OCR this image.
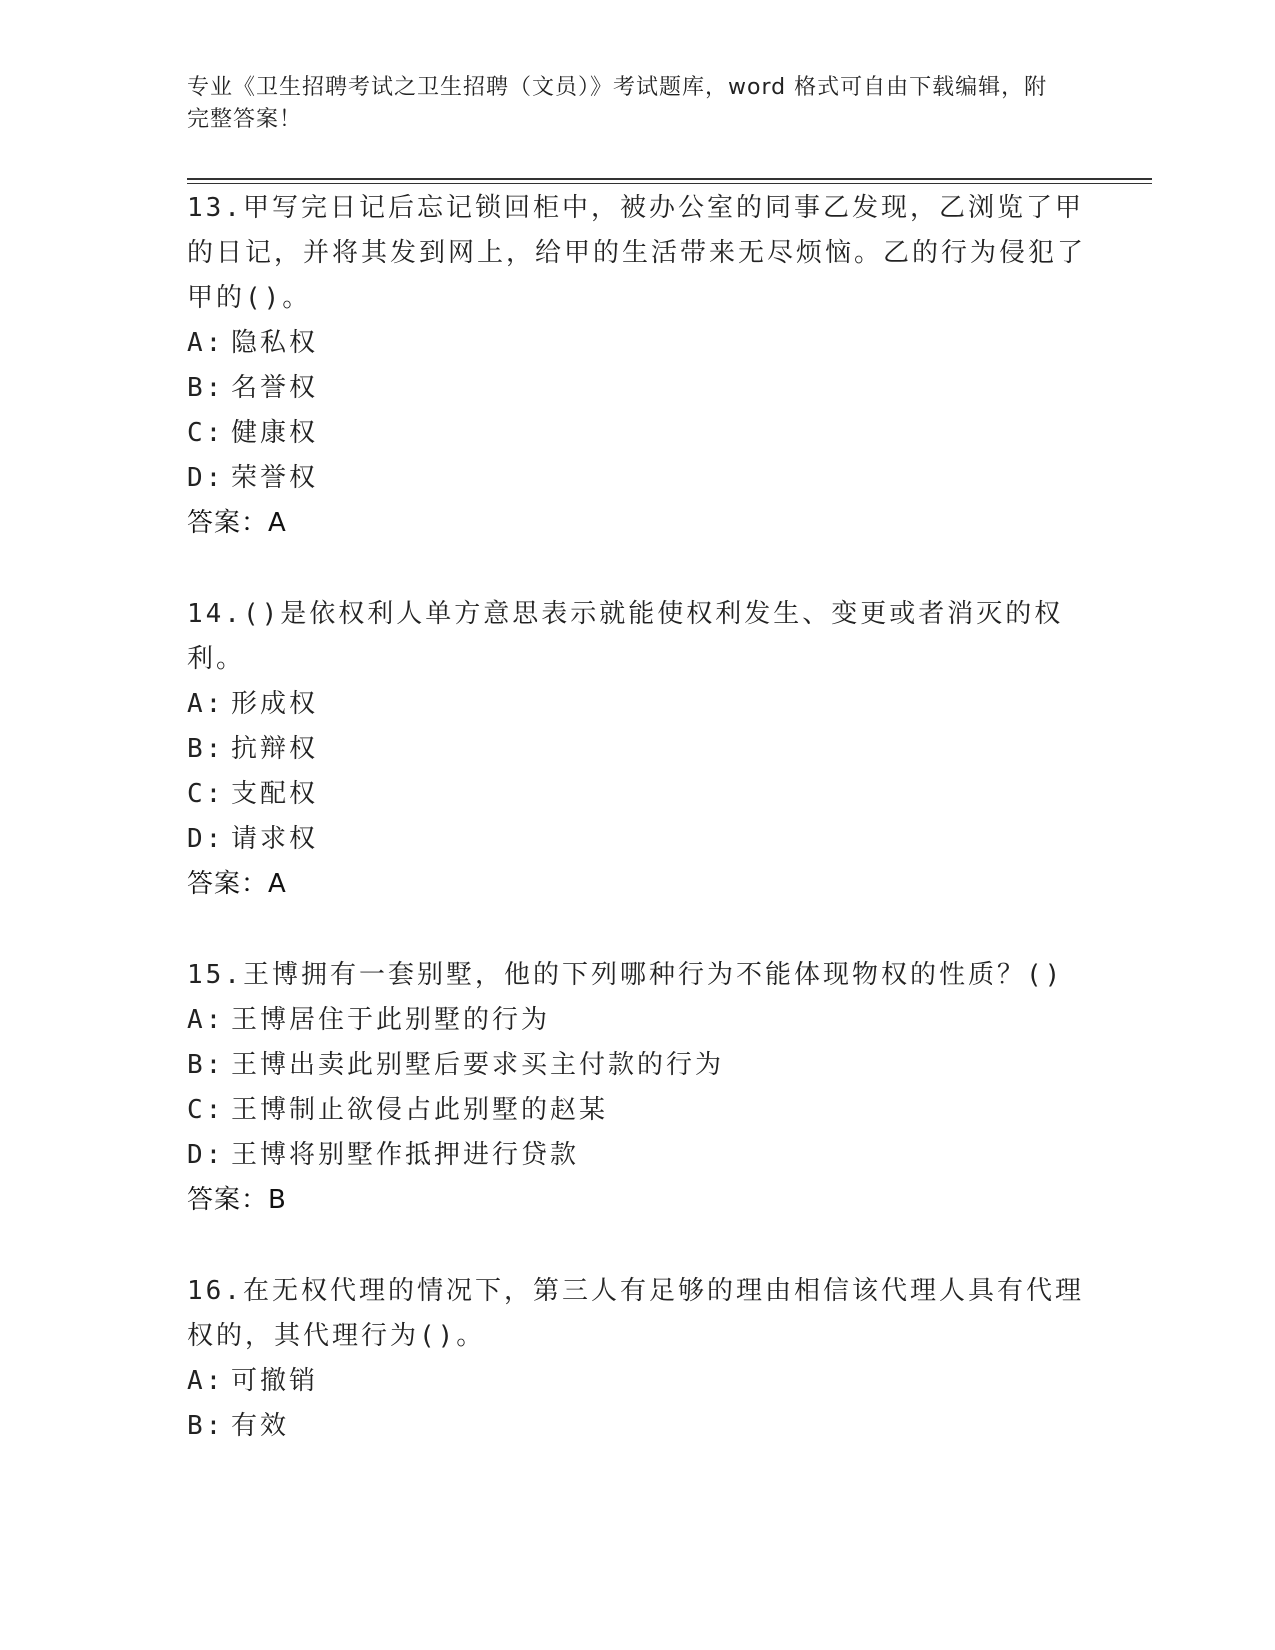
专业《卫生招聘考试之卫生招聘（文员）》考试题库，word 格式可自由下载编辑，附完整答案！

13.甲写完日记后忘记锁回柜中，被办公室的同事乙发现，乙浏览了甲的日记，并将其发到网上，给甲的生活带来无尽烦恼。乙的行为侵犯了甲的()。

A: 隐私权

B: 名誉权

C: 健康权

D: 荣誉权

答案：A

14.()是依权利人单方意思表示就能使权利发生、变更或者消灭的权利。

A: 形成权

B: 抗辩权

C: 支配权

D: 请求权

答案：A

15.王博拥有一套别墅，他的下列哪种行为不能体现物权的性质？()

A: 王博居住于此别墅的行为

B: 王博出卖此别墅后要求买主付款的行为

C: 王博制止欲侵占此别墅的赵某

D: 王博将别墅作抵押进行贷款

答案：B

16.在无权代理的情况下，第三人有足够的理由相信该代理人具有代理权的，其代理行为()。

A: 可撤销

B: 有效
